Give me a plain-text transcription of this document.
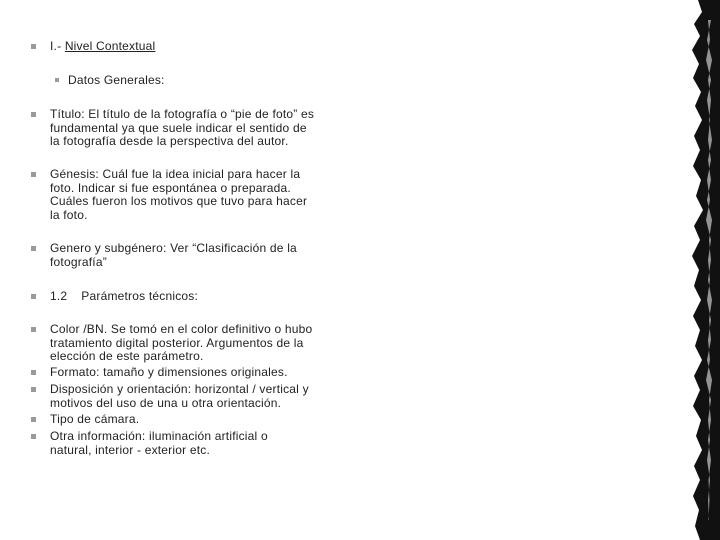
I.- Nivel Contextual
Datos Generales:
Título: El título de la fotografía o “pie de foto” es fundamental ya que suele indicar el sentido de la fotografía desde la perspectiva del autor.
Génesis: Cuál fue la idea inicial para hacer la foto. Indicar si fue espontánea o preparada. Cuáles fueron los motivos que tuvo para hacer la foto.
Genero y subgénero: Ver “Clasificación de la fotografía”
1.2 Parámetros técnicos:
Color /BN. Se tomó en el color definitivo o hubo tratamiento digital posterior. Argumentos de la elección de este parámetro.
Formato: tamaño y dimensiones originales.
Disposición y orientación: horizontal / vertical y motivos del uso de una u otra orientación.
Tipo de cámara.
Otra información: iluminación artificial o natural, interior - exterior etc.
